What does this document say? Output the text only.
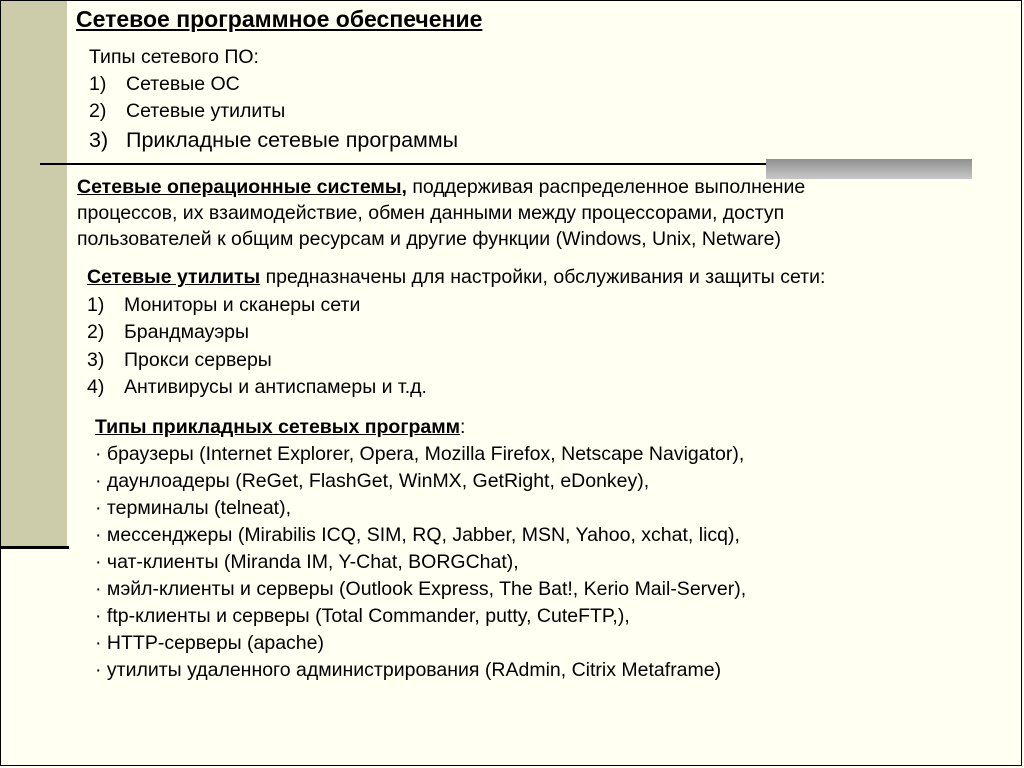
Сетевое программное обеспечение
Типы сетевого ПО:
1) Сетевые ОС
2) Сетевые утилиты
3) Прикладные сетевые программы
Сетевые операционные системы, поддерживая распределенное выполнение
процессов, их взаимодействие, обмен данными между процессорами, доступ
пользователей к общим ресурсам и другие функции (Windows, Unix, Netware)
Сетевые утилиты предназначены для настройки, обслуживания и защиты сети:
1) Мониторы и сканеры сети
2) Брандмауэры
3) Прокси серверы
4) Антивирусы и антиспамеры и т.д.
Типы прикладных сетевых программ:
· браузеры (Internet Explorer, Opera, Mozilla Firefox, Netscape Navigator),
· даунлоадеры (ReGet, FlashGet, WinMX, GetRight, eDonkey),
· терминалы (telneat),
· мессенджеры (Mirabilis ICQ, SIM, RQ, Jabber, MSN, Yahoo, xchat, licq),
· чат-клиенты (Miranda IM, Y-Chat, BORGChat),
· мэйл-клиенты и серверы (Outlook Express, The Bat!, Kerio Mail-Server),
· ftp-клиенты и серверы (Total Commander, putty, CuteFTP,),
· HTTP-серверы (apache)
· утилиты удаленного администрирования (RAdmin, Citrix Metaframe)
